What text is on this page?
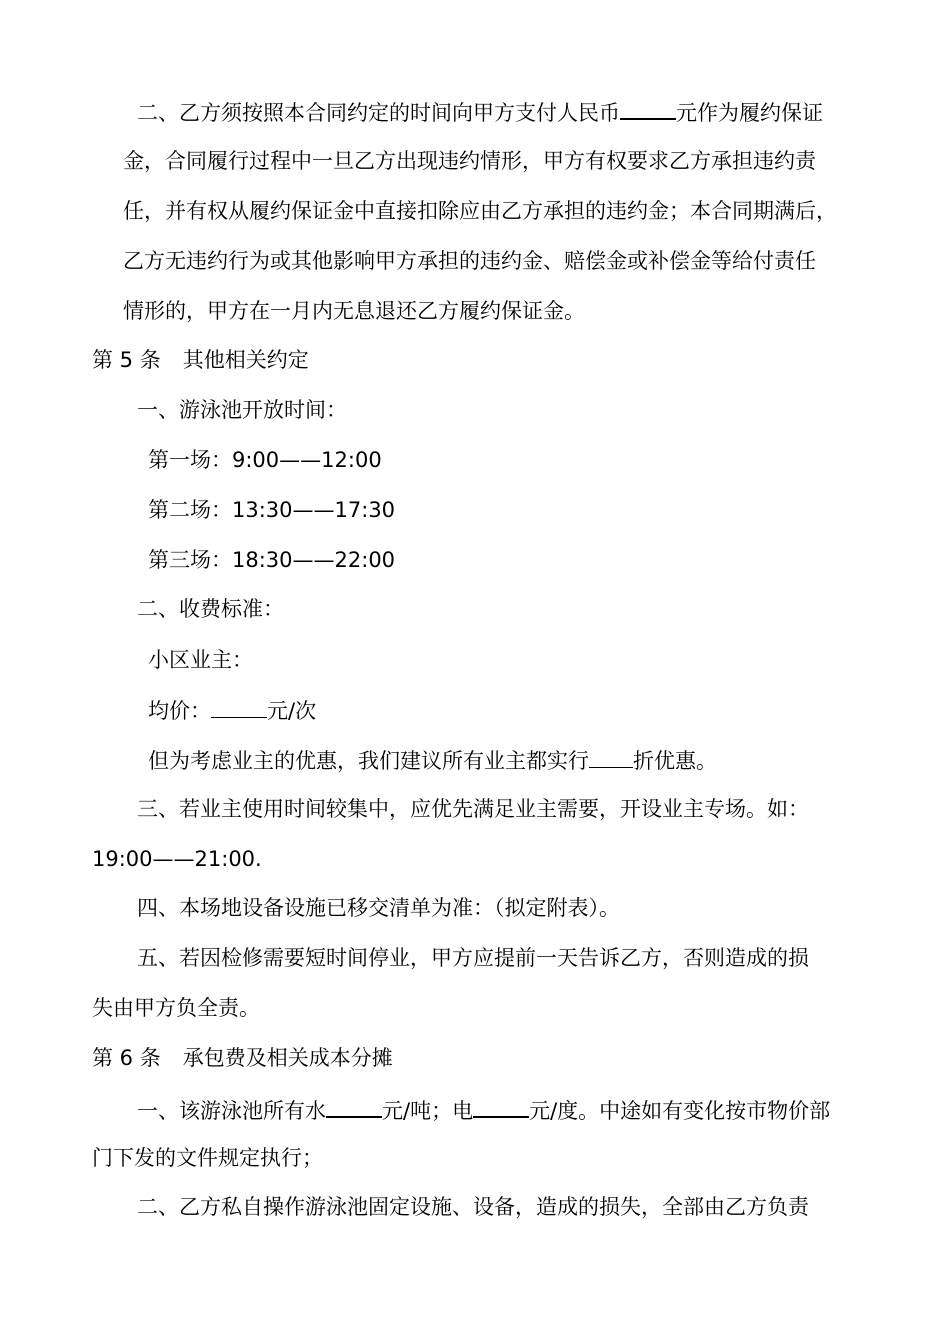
二、乙方须按照本合同约定的时间向甲方支付人民币	元作为履约保证
金，合同履行过程中一旦乙方出现违约情形，甲方有权要求乙方承担违约责
任，并有权从履约保证金中直接扣除应由乙方承担的违约金；本合同期满后，
乙方无违约行为或其他影响甲方承担的违约金、赔偿金或补偿金等给付责任
情形的，甲方在一月内无息退还乙方履约保证金。
第 5 条 其他相关约定
一、游泳池开放时间：
第一场：9:00——12:00
第二场：13:30——17:30
第三场：18:30——22:00
二、收费标准：
小区业主：
均价：	元/次
但为考虑业主的优惠，我们建议所有业主都实行 折优惠。
三、若业主使用时间较集中，应优先满足业主需要，开设业主专场。如：
19:00——21:00.
四、本场地设备设施已移交清单为准：（拟定附表）。
五、若因检修需要短时间停业，甲方应提前一天告诉乙方，否则造成的损
失由甲方负全责。
第 6 条 承包费及相关成本分摊
一、该游泳池所有水	元/吨；电	元/度。中途如有变化按市物价部
门下发的文件规定执行；
二、乙方私自操作游泳池固定设施、设备，造成的损失，全部由乙方负责
